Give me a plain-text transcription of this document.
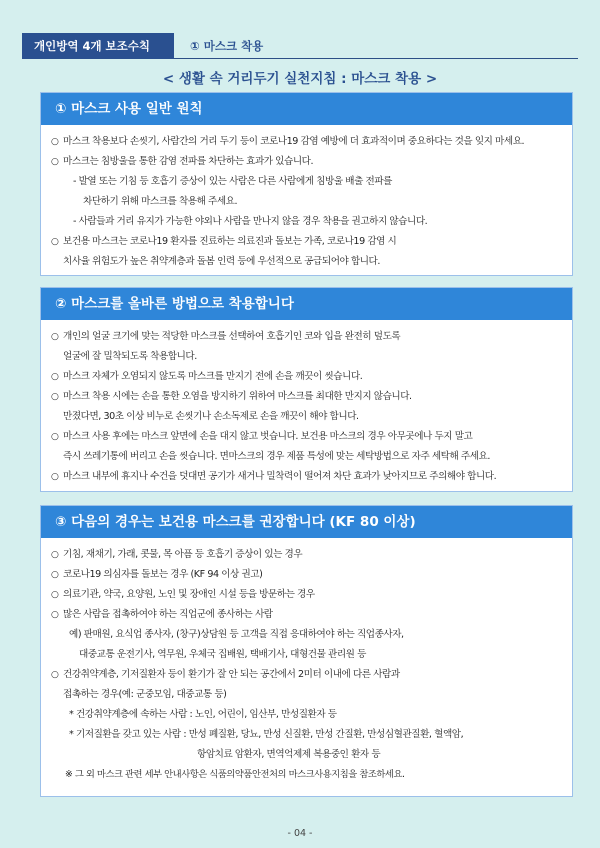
개인방역 4개 보조수칙	① 마스크 착용
< 생활 속 거리두기 실천지침 : 마스크 착용 >
① 마스크 사용 일반 원칙
○ 마스크 착용보다 손씻기, 사람간의 거리 두기 등이 코로나19 감염 예방에 더 효과적이며 중요하다는 것을 잊지 마세요.
○ 마스크는 침방울을 통한 감염 전파를 차단하는 효과가 있습니다.
- 발열 또는 기침 등 호흡기 증상이 있는 사람은 다른 사람에게 침방울 배출 전파를
차단하기 위해 마스크를 착용해 주세요.
- 사람들과 거리 유지가 가능한 야외나 사람을 만나지 않을 경우 착용을 권고하지 않습니다.
○ 보건용 마스크는 코로나19 환자를 진료하는 의료진과 돌보는 가족, 코로나19 감염 시
치사율 위험도가 높은 취약계층과 돌봄 인력 등에 우선적으로 공급되어야 합니다.
② 마스크를 올바른 방법으로 착용합니다
○ 개인의 얼굴 크기에 맞는 적당한 마스크를 선택하여 호흡기인 코와 입을 완전히 덮도록
얼굴에 잘 밀착되도록 착용합니다.
○ 마스크 자체가 오염되지 않도록 마스크를 만지기 전에 손을 깨끗이 씻습니다.
○ 마스크 착용 시에는 손을 통한 오염을 방지하기 위하여 마스크를 최대한 만지지 않습니다.
만졌다면, 30초 이상 비누로 손씻기나 손소독제로 손을 깨끗이 해야 합니다.
○ 마스크 사용 후에는 마스크 앞면에 손을 대지 않고 벗습니다. 보건용 마스크의 경우 아무곳에나 두지 말고
즉시 쓰레기통에 버리고 손을 씻습니다. 면마스크의 경우 제품 특성에 맞는 세탁방법으로 자주 세탁해 주세요.
○ 마스크 내부에 휴지나 수건을 덧대면 공기가 새거나 밀착력이 떨어져 차단 효과가 낮아지므로 주의해야 합니다.
③ 다음의 경우는 보건용 마스크를 권장합니다 (KF 80 이상)
○ 기침, 재채기, 가래, 콧물, 목 아픔 등 호흡기 증상이 있는 경우
○ 코로나19 의심자를 돌보는 경우 (KF 94 이상 권고)
○ 의료기관, 약국, 요양원, 노인 및 장애인 시설 등을 방문하는 경우
○ 많은 사람을 접촉하여야 하는 직업군에 종사하는 사람
예) 판매원, 요식업 종사자, (창구)상담원 등 고객을 직접 응대하여야 하는 직업종사자,
대중교통 운전기사, 역무원, 우체국 집배원, 택배기사, 대형건물 관리원 등
○ 건강취약계층, 기저질환자 등이 환기가 잘 안 되는 공간에서 2미터 이내에 다른 사람과
접촉하는 경우(예: 군중모임, 대중교통 등)
* 건강취약계층에 속하는 사람 : 노인, 어린이, 임산부, 만성질환자 등
* 기저질환을 갖고 있는 사람 : 만성 폐질환, 당뇨, 만성 신질환, 만성 간질환, 만성심혈관질환, 혈액암,
항암치료 암환자, 면역억제제 복용중인 환자 등
※ 그 외 마스크 관련 세부 안내사항은 식품의약품안전처의 마스크사용지침을 참조하세요.
- 04 -
